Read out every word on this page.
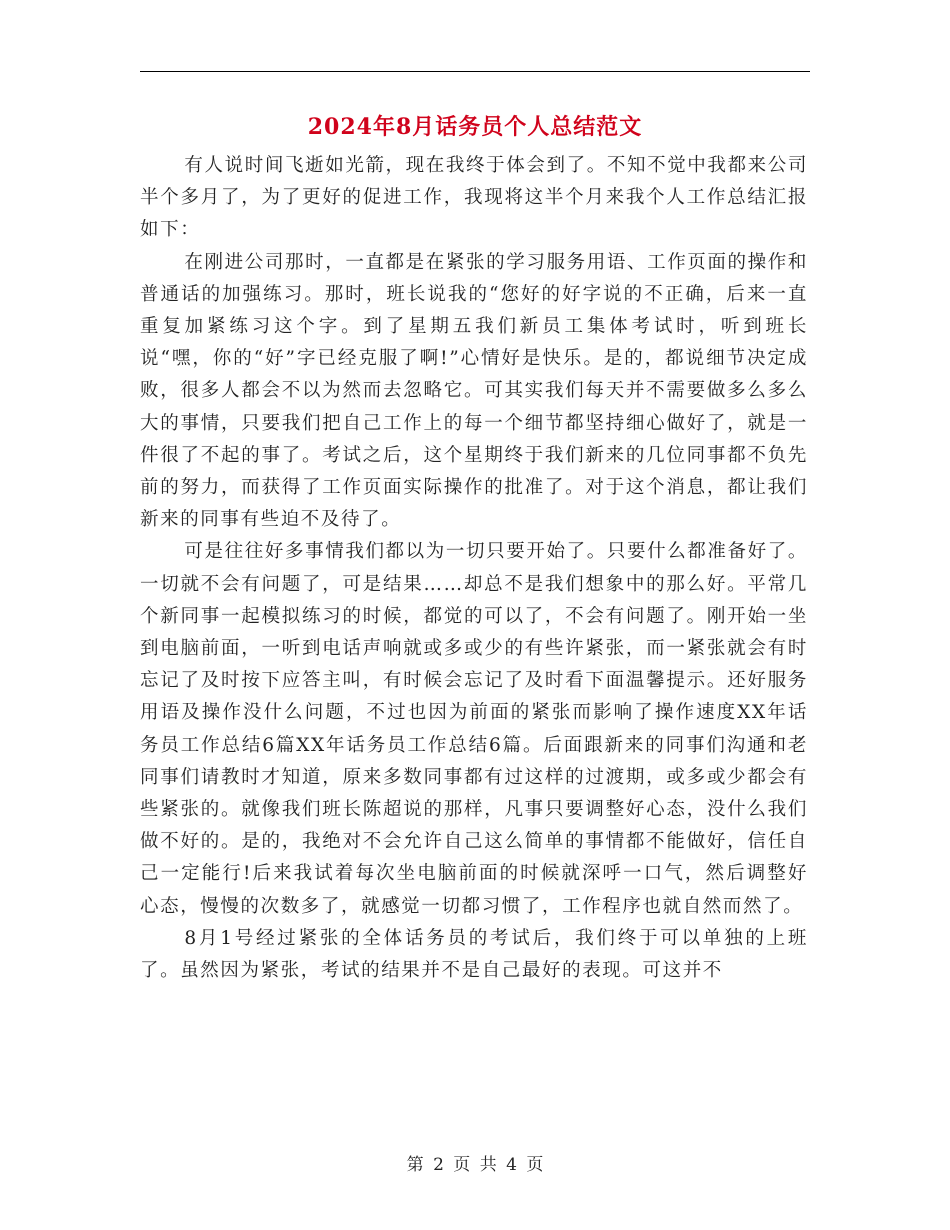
2024年8月话务员个人总结范文

有人说时间飞逝如光箭，现在我终于体会到了。不知不觉中我都来公司半个多月了，为了更好的促进工作，我现将这半个月来我个人工作总结汇报如下：

在刚进公司那时，一直都是在紧张的学习服务用语、工作页面的操作和普通话的加强练习。那时，班长说我的“您好的好字说的不正确，后来一直重复加紧练习这个字。到了星期五我们新员工集体考试时，听到班长说“嘿，你的“好”字已经克服了啊!”心情好是快乐。是的，都说细节决定成败，很多人都会不以为然而去忽略它。可其实我们每天并不需要做多么多么大的事情，只要我们把自己工作上的每一个细节都坚持细心做好了，就是一件很了不起的事了。考试之后，这个星期终于我们新来的几位同事都不负先前的努力，而获得了工作页面实际操作的批准了。对于这个消息，都让我们新来的同事有些迫不及待了。

可是往往好多事情我们都以为一切只要开始了。只要什么都准备好了。一切就不会有问题了，可是结果……却总不是我们想象中的那么好。平常几个新同事一起模拟练习的时候，都觉的可以了，不会有问题了。刚开始一坐到电脑前面，一听到电话声响就或多或少的有些许紧张，而一紧张就会有时忘记了及时按下应答主叫，有时候会忘记了及时看下面温馨提示。还好服务用语及操作没什么问题，不过也因为前面的紧张而影响了操作速度XX年话务员工作总结6篇XX年话务员工作总结6篇。后面跟新来的同事们沟通和老同事们请教时才知道，原来多数同事都有过这样的过渡期，或多或少都会有些紧张的。就像我们班长陈超说的那样，凡事只要调整好心态，没什么我们做不好的。是的，我绝对不会允许自己这么简单的事情都不能做好，信任自己一定能行!后来我试着每次坐电脑前面的时候就深呼一口气，然后调整好心态，慢慢的次数多了，就感觉一切都习惯了，工作程序也就自然而然了。

8月1号经过紧张的全体话务员的考试后，我们终于可以单独的上班了。虽然因为紧张，考试的结果并不是自己最好的表现。可这并不

第 2 页 共 4 页
